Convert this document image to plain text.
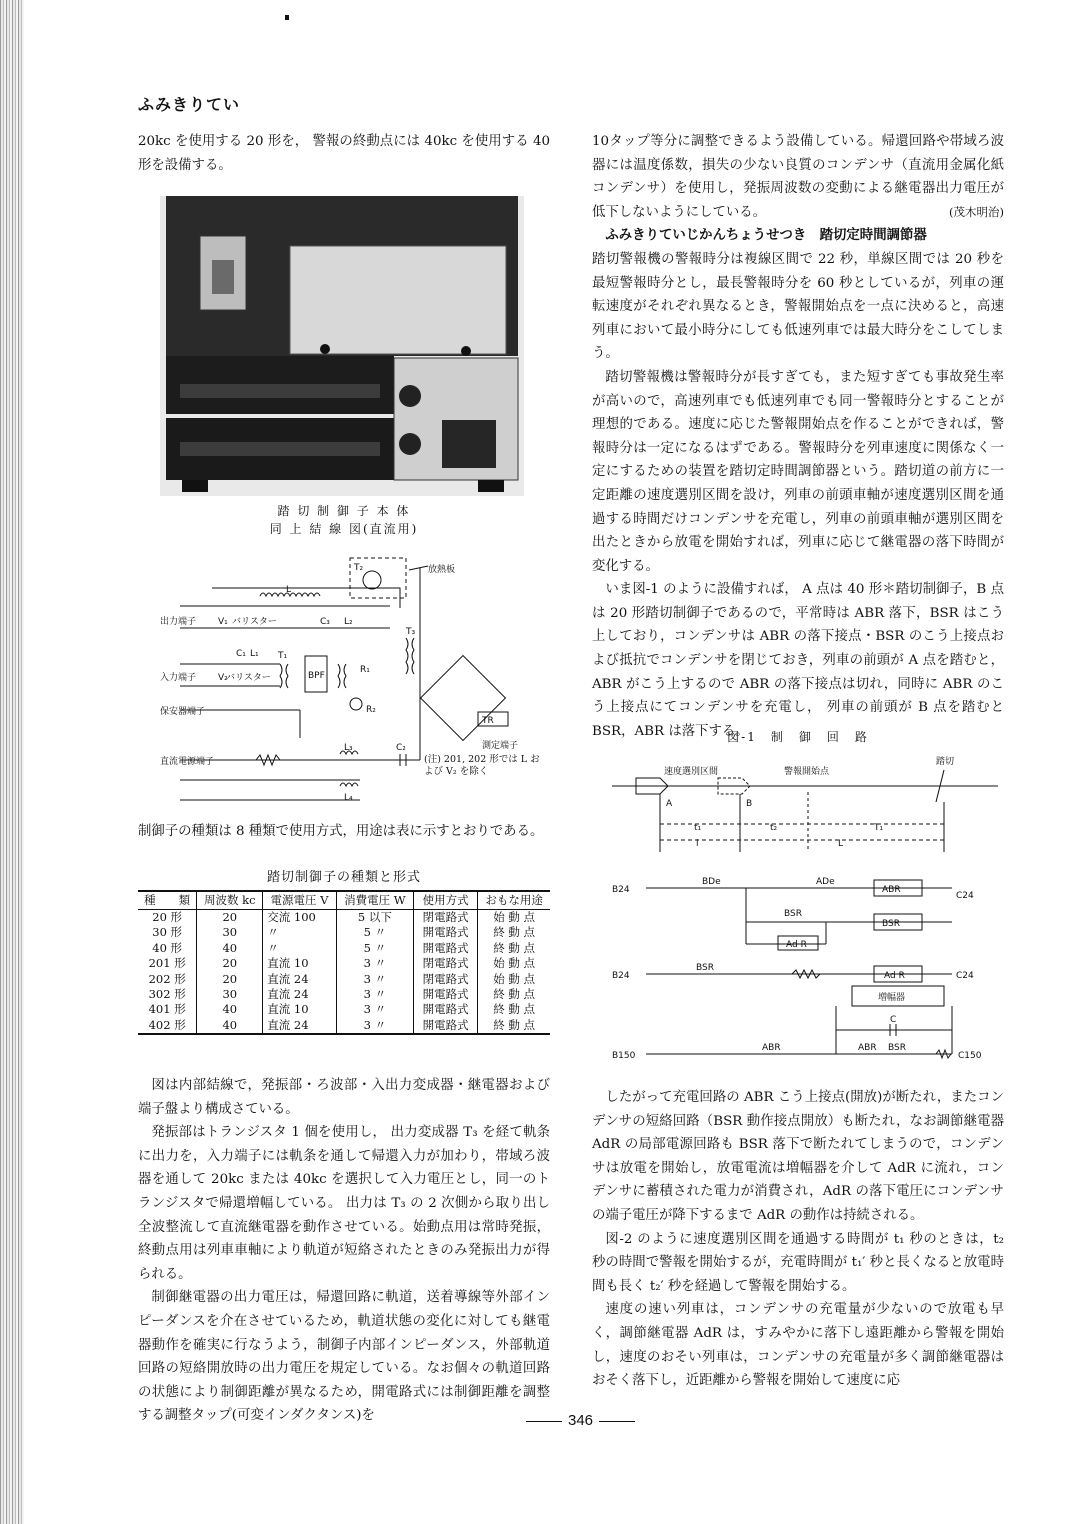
ふみきりてい
20kc を使用する 20 形を， 警報の終動点には 40kc を使用する 40 形を設備する。
踏 切 制 御 子 本 体
同 上 結 線 図(直流用)
放熱板
T₂
L
出力端子 V₁ バリスター	C₃ L₂
T₃
C₁ L₁ T₁
入力端子 V₂
バリスター	BPF
R₁
R₂
保安器端子
TR
測定端子
L₃	C₂
直流電源端子
L₄
(注) 201, 202 形では L および V₂ を除く
制御子の種類は 8 種類で使用方式，用途は表に示すとおりである。
踏切制御子の種類と形式
種　　類	周波数 kc	電源電圧 V	消費電圧 W	使用方式	おもな用途
20 形	20	交流 100	5 以下	閉電路式	始 動 点
30 形	30	〃	5 〃	開電路式	終 動 点
40 形	40	〃	5 〃	開電路式	終 動 点
201 形	20	直流 10	3 〃	閉電路式	始 動 点
202 形	20	直流 24	3 〃	閉電路式	始 動 点
302 形	30	直流 24	3 〃	開電路式	終 動 点
401 形	40	直流 10	3 〃	開電路式	終 動 点
402 形	40	直流 24	3 〃	開電路式	終 動 点

図は内部結線で，発振部・ろ波部・入出力変成器・継電器および端子盤より構成さている。

発振部はトランジスタ 1 個を使用し， 出力変成器 T₃ を経て軌条に出力を，入力端子には軌条を通して帰還入力が加わり，帯域ろ波器を通して 20kc または 40kc を選択して入力電圧とし，同一のトランジスタで帰還増幅している。 出力は T₃ の 2 次側から取り出し全波整流して直流継電器を動作させている。始動点用は常時発振，終動点用は列車車軸により軌道が短絡されたときのみ発振出力が得られる。

制御継電器の出力電圧は，帰還回路に軌道，送着導線等外部インピーダンスを介在させているため，軌道状態の変化に対しても継電器動作を確実に行なうよう，制御子内部インピーダンス，外部軌道回路の短絡開放時の出力電圧を規定している。なお個々の軌道回路の状態により制御距離が異なるため，開電路式には制御距離を調整する調整タップ(可変インダクタンス)を

10タップ等分に調整できるよう設備している。帰還回路や帯域ろ波器には温度係数，損失の少ない良質のコンデンサ（直流用金属化紙コンデンサ）を使用し，発振周波数の変動による継電器出力電圧が低下しないようにしている。	(茂木明治)

ふみきりていじかんちょうせつき　踏切定時間調節器

踏切警報機の警報時分は複線区間で 22 秒，単線区間では 20 秒を最短警報時分とし，最長警報時分を 60 秒としているが，列車の運転速度がそれぞれ異なるとき，警報開始点を一点に決めると，高速列車において最小時分にしても低速列車では最大時分をこしてしまう。

踏切警報機は警報時分が長すぎても，また短すぎても事故発生率が高いので，高速列車でも低速列車でも同一警報時分とすることが理想的である。速度に応じた警報開始点を作ることができれば，警報時分は一定になるはずである。警報時分を列車速度に関係なく一定にするための装置を踏切定時間調節器という。踏切道の前方に一定距離の速度選別区間を設け，列車の前頭車軸が速度選別区間を通過する時間だけコンデンサを充電し，列車の前頭車軸が選別区間を出たときから放電を開始すれば，列車に応じて継電器の落下時間が変化する。

いま図-1 のように設備すれば， A 点は 40 形＊踏切制御子，B 点は 20 形踏切制御子であるので，平常時は ABR 落下，BSR はこう上しており，コンデンサは ABR の落下接点・BSR のこう上接点および抵抗でコンデンサを閉じておき，列車の前頭が A 点を踏むと， ABR がこう上するので ABR の落下接点は切れ，同時に ABR のこう上接点にてコンデンサを充電し， 列車の前頭が B 点を踏むと BSR，ABR は落下する。

図-1　制　御　回　路
速度選別区間	警報開始点
踏切
A	B
t₁	t₂	T₁
l	L
B24
C24
BDe	ADe
ABR
BSR
BSR
Ad R
B24
BSR
Ad R	C24
増幅器
C
B150
ABR	ABR BSR
C150

したがって充電回路の ABR こう上接点(開放)が断たれ，またコンデンサの短絡回路（BSR 動作接点開放）も断たれ，なお調節継電器 AdR の局部電源回路も BSR 落下で断たれてしまうので，コンデンサは放電を開始し，放電電流は増幅器を介して AdR に流れ，コンデンサに蓄積された電力が消費され，AdR の落下電圧にコンデンサの端子電圧が降下するまで AdR の動作は持続される。

図-2 のように速度選別区間を通過する時間が t₁ 秒のときは，t₂ 秒の時間で警報を開始するが，充電時間が t₁′ 秒と長くなると放電時間も長く t₂′ 秒を経過して警報を開始する。

速度の速い列車は，コンデンサの充電量が少ないので放電も早く，調節継電器 AdR は，すみやかに落下し遠距離から警報を開始し，速度のおそい列車は，コンデンサの充電量が多く調節継電器はおそく落下し，近距離から警報を開始して速度に応

346
